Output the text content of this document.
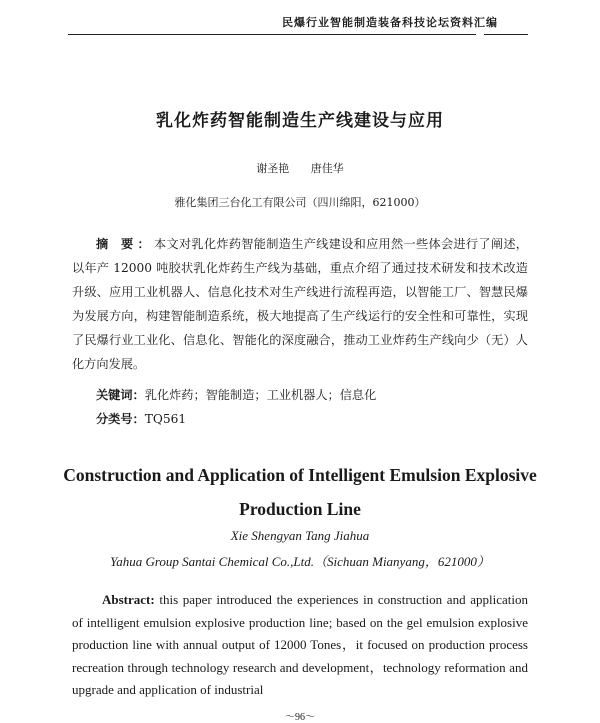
民爆行业智能制造装备科技论坛资料汇编
乳化炸药智能制造生产线建设与应用
谢圣艳 唐佳华
雅化集团三台化工有限公司（四川绵阳，621000）

摘 要：本文对乳化炸药智能制造生产线建设和应用然一些体会进行了阐述，以年产 12000 吨胶状乳化炸药生产线为基础，重点介绍了通过技术研发和技术改造升级、应用工业机器人、信息化技术对生产线进行流程再造，以智能工厂、智慧民爆为发展方向，构建智能制造系统，极大地提高了生产线运行的安全性和可靠性，实现了民爆行业工业化、信息化、智能化的深度融合，推动工业炸药生产线向少（无）人化方向发展。

关键词：乳化炸药；智能制造；工业机器人；信息化

分类号：TQ561

Construction and Application of Intelligent Emulsion Explosive Production Line
Xie Shengyan Tang Jiahua
Yahua Group Santai Chemical Co.,Ltd.（Sichuan Mianyang，621000）

Abstract: this paper introduced the experiences in construction and application of intelligent emulsion explosive production line; based on the gel emulsion explosive production line with annual output of 12000 Tones，it focused on production process recreation through technology research and development，technology reformation and upgrade and application of industrial

～96～
